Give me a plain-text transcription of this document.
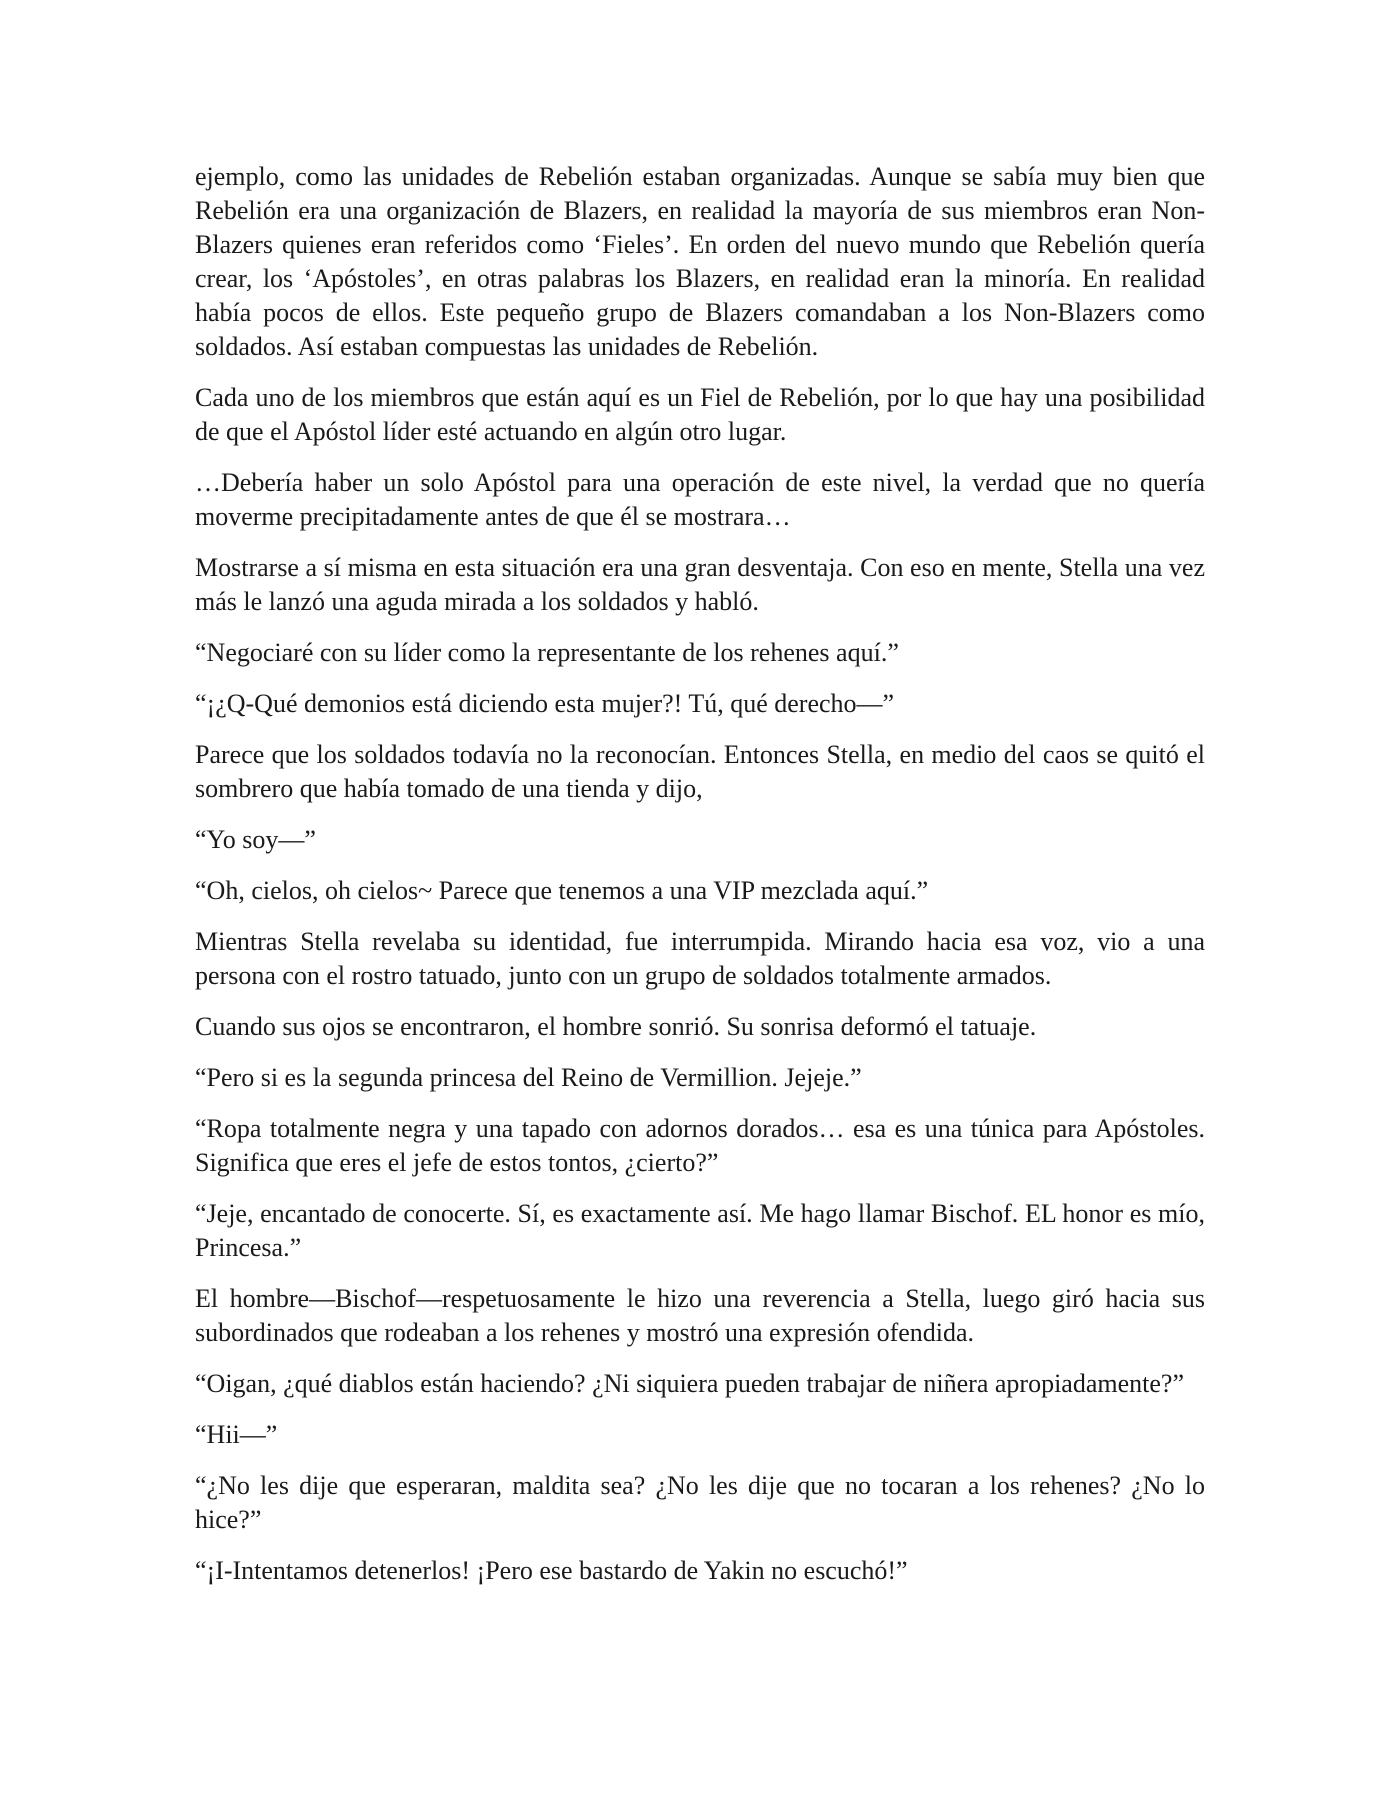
ejemplo, como las unidades de Rebelión estaban organizadas. Aunque se sabía muy bien que Rebelión era una organización de Blazers, en realidad la mayoría de sus miembros eran Non-Blazers quienes eran referidos como ‘Fieles’. En orden del nuevo mundo que Rebelión quería crear, los ‘Apóstoles’, en otras palabras los Blazers, en realidad eran la minoría. En realidad había pocos de ellos. Este pequeño grupo de Blazers comandaban a los Non-Blazers como soldados. Así estaban compuestas las unidades de Rebelión.

Cada uno de los miembros que están aquí es un Fiel de Rebelión, por lo que hay una posibilidad de que el Apóstol líder esté actuando en algún otro lugar.

…Debería haber un solo Apóstol para una operación de este nivel, la verdad que no quería moverme precipitadamente antes de que él se mostrara…

Mostrarse a sí misma en esta situación era una gran desventaja. Con eso en mente, Stella una vez más le lanzó una aguda mirada a los soldados y habló.

“Negociaré con su líder como la representante de los rehenes aquí.”

“¡¿Q-Qué demonios está diciendo esta mujer?! Tú, qué derecho—”

Parece que los soldados todavía no la reconocían. Entonces Stella, en medio del caos se quitó el sombrero que había tomado de una tienda y dijo,

“Yo soy—”

“Oh, cielos, oh cielos~ Parece que tenemos a una VIP mezclada aquí.”

Mientras Stella revelaba su identidad, fue interrumpida. Mirando hacia esa voz, vio a una persona con el rostro tatuado, junto con un grupo de soldados totalmente armados.

Cuando sus ojos se encontraron, el hombre sonrió. Su sonrisa deformó el tatuaje.

“Pero si es la segunda princesa del Reino de Vermillion. Jejeje.”

“Ropa totalmente negra y una tapado con adornos dorados… esa es una túnica para Apóstoles. Significa que eres el jefe de estos tontos, ¿cierto?”

“Jeje, encantado de conocerte. Sí, es exactamente así. Me hago llamar Bischof. EL honor es mío, Princesa.”

El hombre—Bischof—respetuosamente le hizo una reverencia a Stella, luego giró hacia sus subordinados que rodeaban a los rehenes y mostró una expresión ofendida.

“Oigan, ¿qué diablos están haciendo? ¿Ni siquiera pueden trabajar de niñera apropiadamente?”

“Hii—”

“¿No les dije que esperaran, maldita sea? ¿No les dije que no tocaran a los rehenes? ¿No lo hice?”

“¡I-Intentamos detenerlos! ¡Pero ese bastardo de Yakin no escuchó!”
